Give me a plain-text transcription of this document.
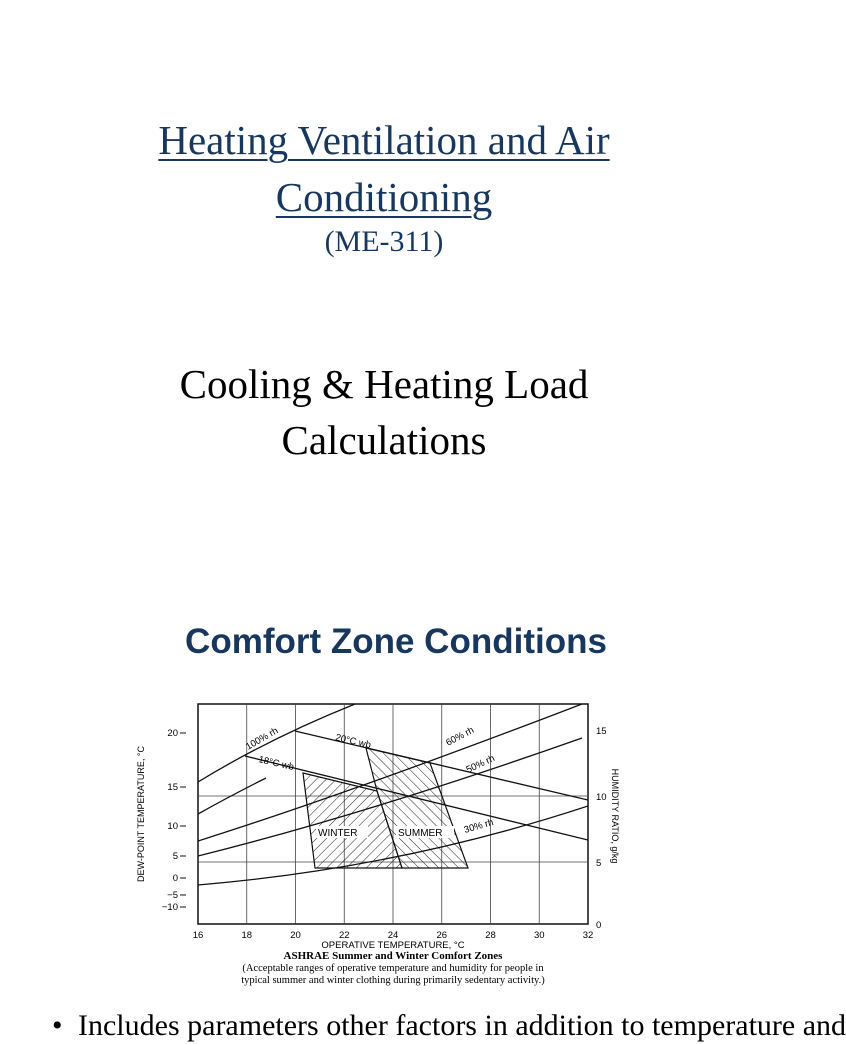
Heating Ventilation and Air
Conditioning
(ME-311)
Cooling & Heating Load
Calculations
Comfort Zone Conditions
100% rh	60% rh
50% rh
30% rh
20°C wb
18°C wb
WINTER	SUMMER
20
15
10
5
0
−5
−10
15
10
5
0
16	18	20	22	24	26	28	30	32
DEW-POINT TEMPERATURE, °C	HUMIDITY RATIO, g/kg
OPERATIVE TEMPERATURE, °C
ASHRAE Summer and Winter Comfort Zones
(Acceptable ranges of operative temperature and humidity for people in
typical summer and winter clothing during primarily sedentary activity.)
• Includes parameters other factors in addition to temperature and
